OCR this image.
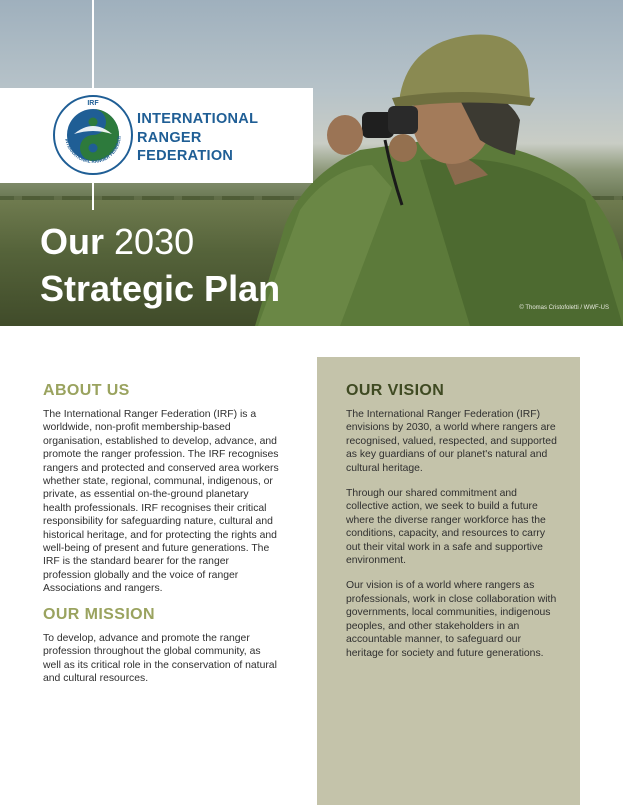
IRF
INTERNATIONAL RANGER FEDERATI
INTERNATIONAL
RANGER
FEDERATION
Our 2030
Strategic Plan	© Thomas Cristofoletti / WWF-US
ABOUT US

The International Ranger Federation (IRF) is a worldwide, non-profit membership-based organisation, established to develop, advance, and promote the ranger profession. The IRF recognises rangers and protected and conserved area workers whether state, regional, communal, indigenous, or private, as essential on-the-ground planetary health professionals. IRF recognises their critical responsibility for safeguarding nature, cultural and historical heritage, and for protecting the rights and well-being of present and future generations. The IRF is the standard bearer for the ranger profession globally and the voice of ranger Associations and rangers.

OUR MISSION

To develop, advance and promote the ranger profession throughout the global community, as well as its critical role in the conservation of natural and cultural resources.

OUR VISION

The International Ranger Federation (IRF) envisions by 2030, a world where rangers are recognised, valued, respected, and supported as key guardians of our planet's natural and cultural heritage.

Through our shared commitment and collective action, we seek to build a future where the diverse ranger workforce has the conditions, capacity, and resources to carry out their vital work in a safe and supportive environment.

Our vision is of a world where rangers as professionals, work in close collaboration with governments, local communities, indigenous peoples, and other stakeholders in an accountable manner, to safeguard our heritage for society and future generations.
